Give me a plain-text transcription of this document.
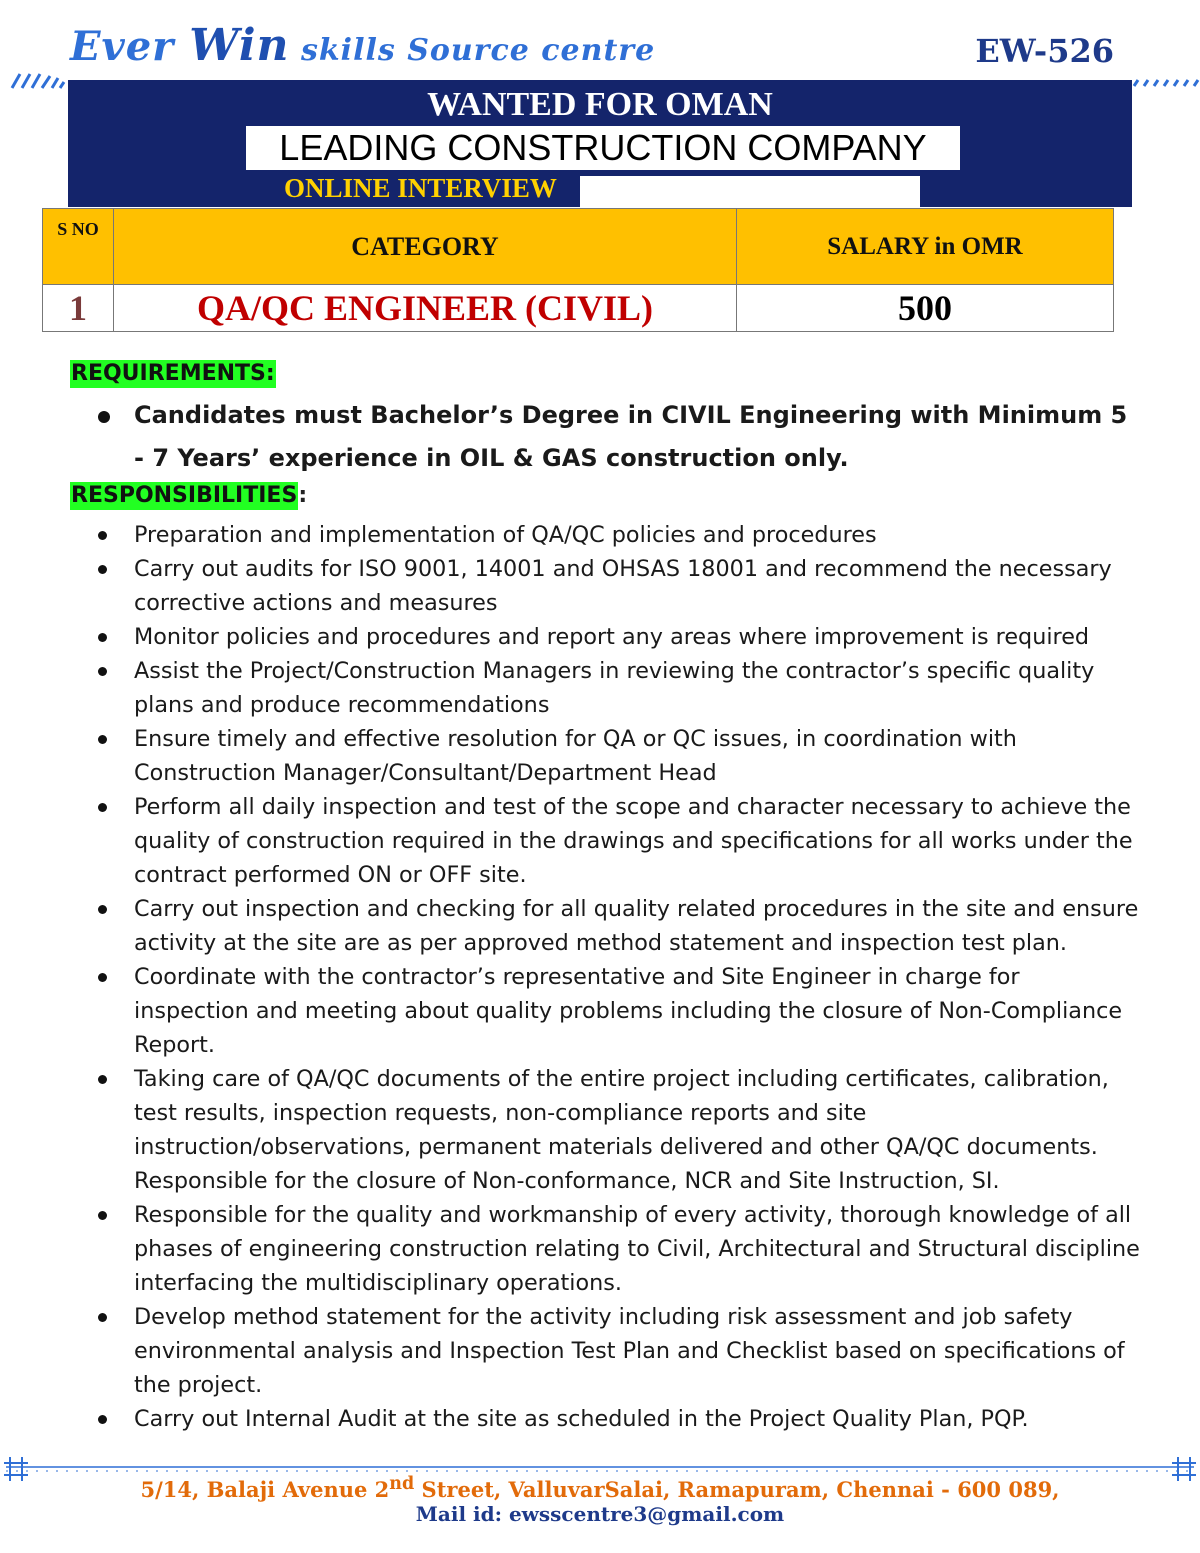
Ever Win skills Source centre	EW-526
WANTED FOR OMAN
LEADING CONSTRUCTION COMPANY
ONLINE INTERVIEW
S NO	CATEGORY	SALARY in OMR
1	QA/QC ENGINEER (CIVIL)	500
REQUIREMENTS:
Candidates must Bachelor’s Degree in CIVIL Engineering with Minimum 5 - 7 Years’ experience in OIL & GAS construction only.
RESPONSIBILITIES:
Preparation and implementation of QA/QC policies and procedures
Carry out audits for ISO 9001, 14001 and OHSAS 18001 and recommend the necessary corrective actions and measures
Monitor policies and procedures and report any areas where improvement is required
Assist the Project/Construction Managers in reviewing the contractor’s specific quality plans and produce recommendations
Ensure timely and effective resolution for QA or QC issues, in coordination with Construction Manager/Consultant/Department Head
Perform all daily inspection and test of the scope and character necessary to achieve the quality of construction required in the drawings and specifications for all works under the contract performed ON or OFF site.
Carry out inspection and checking for all quality related procedures in the site and ensure activity at the site are as per approved method statement and inspection test plan.
Coordinate with the contractor’s representative and Site Engineer in charge for inspection and meeting about quality problems including the closure of Non-Compliance Report.
Taking care of QA/QC documents of the entire project including certificates, calibration, test results, inspection requests, non-compliance reports and site instruction/observations, permanent materials delivered and other QA/QC documents. Responsible for the closure of Non-conformance, NCR and Site Instruction, SI.
Responsible for the quality and workmanship of every activity, thorough knowledge of all phases of engineering construction relating to Civil, Architectural and Structural discipline interfacing the multidisciplinary operations.
Develop method statement for the activity including risk assessment and job safety environmental analysis and Inspection Test Plan and Checklist based on specifications of the project.
Carry out Internal Audit at the site as scheduled in the Project Quality Plan, PQP.
5/14, Balaji Avenue 2nd Street, ValluvarSalai, Ramapuram, Chennai - 600 089,
Mail id: ewsscentre3@gmail.com
